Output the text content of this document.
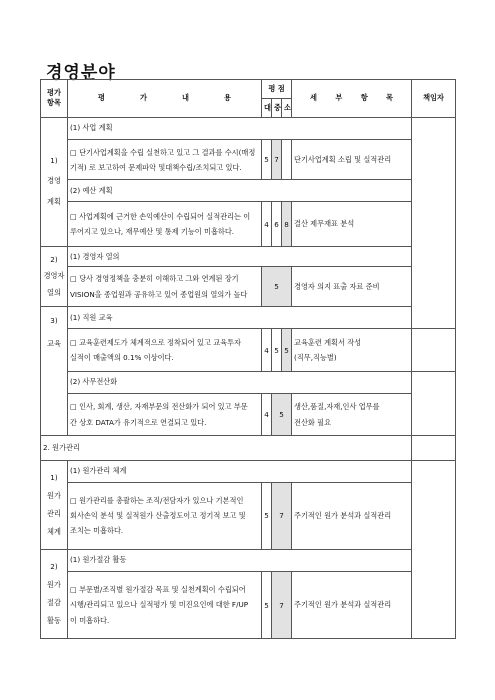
경영분야
평가
항목	평 가 내 용	평 점			세 부 항 목	책임자
		대	중	소		
1)
경영
계획	(1) 사업 계획					
	□ 단기사업계획을 수립 실천하고 있고 그 결과를 수시(매정
기적) 로 보고하여 문제파악 및대책수립/조치되고 있다.	5	7		단기사업계획 소립 및 실적관리	
	(2) 예산 계획					
	□ 사업계획에 근거한 손익예산이 수립되어 실적관리는 이
루어지고 있으나, 재무예산 및 통제 기능이 미흡하다.	4	6	8	결산 제무재표 분석	
2)
경영자
열의	(1) 경영자 열의					
	□ 당사 경영정책을 충분히 이해하고 그와 연계된 장기
VISION을 종업원과 공유하고 있어 종업원의 열의가 높다	5			경영자 의지 표출 자료 준비	
3)
교육	(1) 직원 교육					
	□ 교육훈련제도가 체계적으로 정착되어 있고 교육투자
실적이 매출액의 0.1% 이상이다.	4	5	5	교육훈련 계획서 작성
(직무,직능별)	
	(2) 사무전산화					
	□ 인사, 회계, 생산, 자재부문의 전산화가 되어 있고 부문
간 상호 DATA가 유기적으로 연결되고 있다.	4	5		생산,품질,자재,인사 업무를
전산화 필요	
2. 원가관리						
1)
원가
관리
체계	(1) 원가관리 체계					
	□ 원가관리를 총괄하는 조직/전담자가 있으나 기본적인
회사손익 분석 및 실적원가 산출정도이고 정기적 보고 및
조치는 미흡하다.	5	7		주기적인 원가 분석과 실적관리	
2)
원가
절감
활동	(1) 원가절감 활동					
	□ 부문별/조직별 원가절감 목표 및 실천계획이 수립되어
시행/관리되고 있으나 실적평가 및 미진요인에 대한 F/UP
이 미흡하다.	5	7		주기적인 원가 분석과 실적관리	
